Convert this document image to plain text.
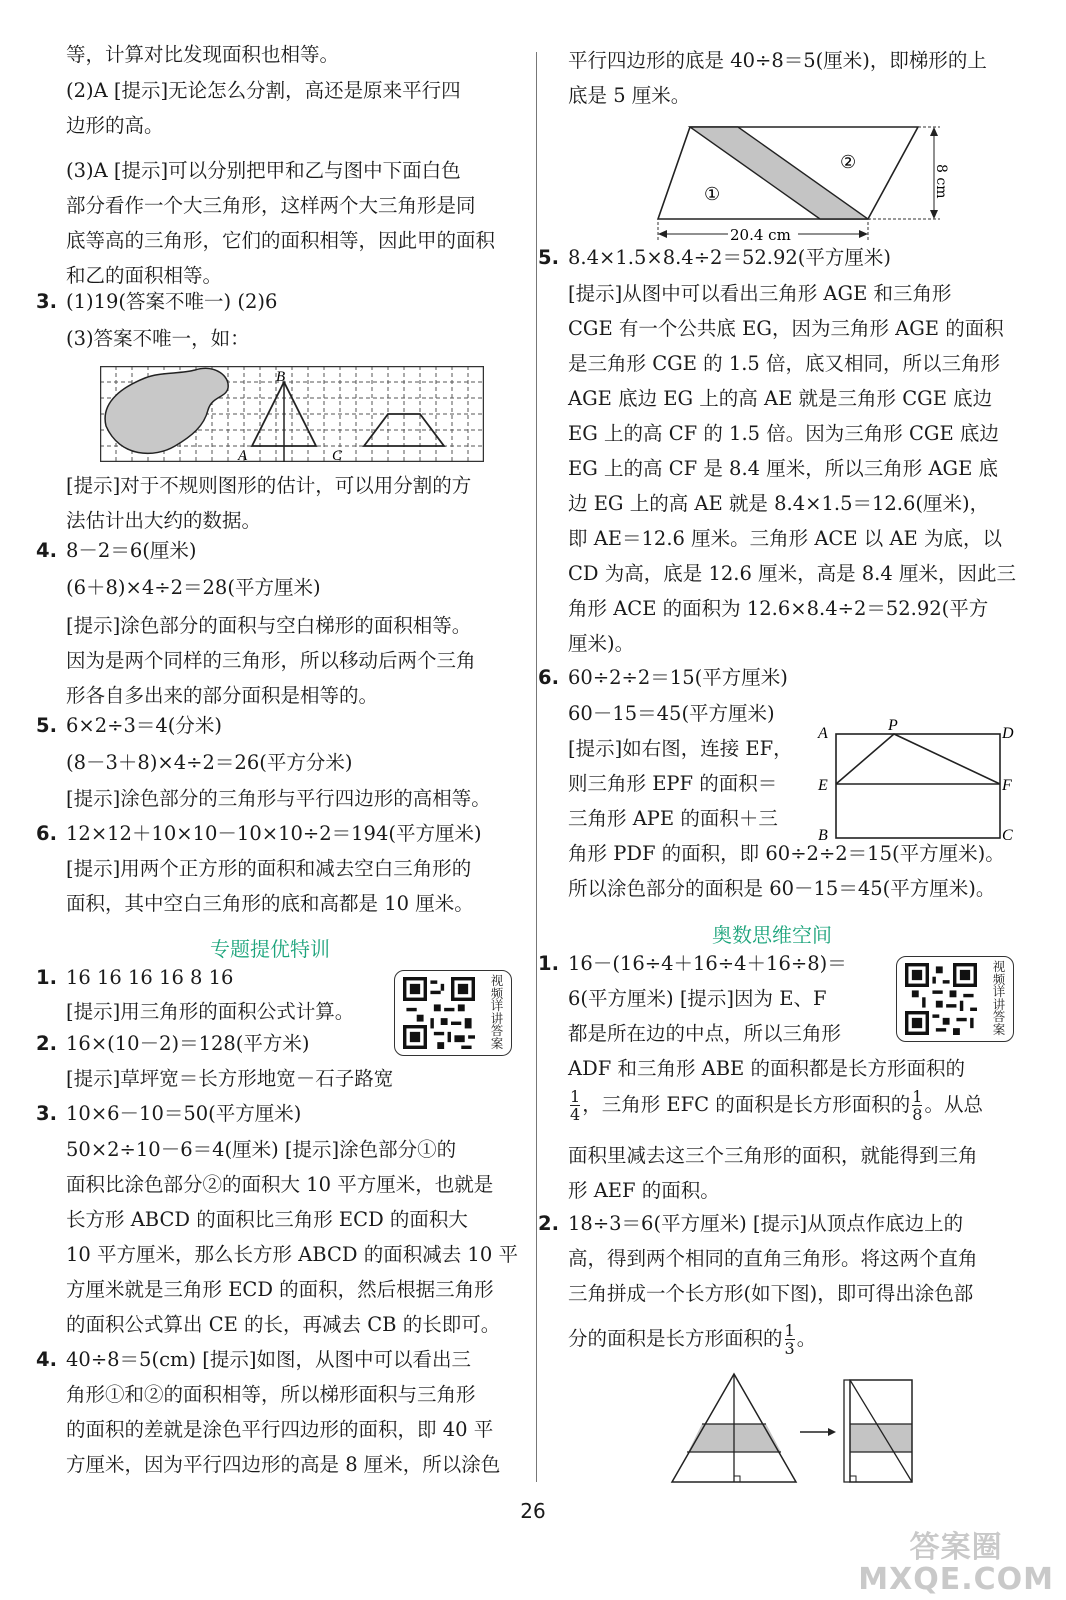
等，计算对比发现面积也相等。
(2)A [提示]无论怎么分割，高还是原来平行四
边形的高。
(3)A [提示]可以分别把甲和乙与图中下面白色
部分看作一个大三角形，这样两个大三角形是同
底等高的三角形，它们的面积相等，因此甲的面积
和乙的面积相等。
3. (1)19(答案不唯一) (2)6
(3)答案不唯一，如：
[提示]对于不规则图形的估计，可以用分割的方
法估计出大约的数据。
4. 8－2＝6(厘米)
(6＋8)×4÷2＝28(平方厘米)
[提示]涂色部分的面积与空白梯形的面积相等。
因为是两个同样的三角形，所以移动后两个三角
形各自多出来的部分面积是相等的。
5. 6×2÷3＝4(分米)
(8－3＋8)×4÷2＝26(平方分米)
[提示]涂色部分的三角形与平行四边形的高相等。
6. 12×12＋10×10－10×10÷2＝194(平方厘米)
[提示]用两个正方形的面积和减去空白三角形的
面积，其中空白三角形的底和高都是 10 厘米。
1. 16 16 16 16 8 16
[提示]用三角形的面积公式计算。
2. 16×(10－2)＝128(平方米)
[提示]草坪宽＝长方形地宽－石子路宽
3. 10×6－10＝50(平方厘米)
50×2÷10－6＝4(厘米) [提示]涂色部分①的
面积比涂色部分②的面积大 10 平方厘米，也就是
长方形 ABCD 的面积比三角形 ECD 的面积大
10 平方厘米，那么长方形 ABCD 的面积减去 10 平
方厘米就是三角形 ECD 的面积，然后根据三角形
的面积公式算出 CE 的长，再减去 CB 的长即可。
4. 40÷8＝5(cm) [提示]如图，从图中可以看出三
角形①和②的面积相等，所以梯形面积与三角形
的面积的差就是涂色平行四边形的面积，即 40 平
方厘米，因为平行四边形的高是 8 厘米，所以涂色
平行四边形的底是 40÷8＝5(厘米)，即梯形的上
底是 5 厘米。
5. 8.4×1.5×8.4÷2＝52.92(平方厘米)
[提示]从图中可以看出三角形 AGE 和三角形
CGE 有一个公共底 EG，因为三角形 AGE 的面积
是三角形 CGE 的 1.5 倍，底又相同，所以三角形
AGE 底边 EG 上的高 AE 就是三角形 CGE 底边
EG 上的高 CF 的 1.5 倍。因为三角形 CGE 底边
EG 上的高 CF 是 8.4 厘米，所以三角形 AGE 底
边 EG 上的高 AE 就是 8.4×1.5＝12.6(厘米)，
即 AE＝12.6 厘米。三角形 ACE 以 AE 为底，以
CD 为高，底是 12.6 厘米，高是 8.4 厘米，因此三
角形 ACE 的面积为 12.6×8.4÷2＝52.92(平方
厘米)。
6. 60÷2÷2＝15(平方厘米)
60－15＝45(平方厘米)
[提示]如右图，连接 EF，
则三角形 EPF 的面积＝
三角形 APE 的面积＋三
角形 PDF 的面积，即 60÷2÷2＝15(平方厘米)。
所以涂色部分的面积是 60－15＝45(平方厘米)。
1. 16－(16÷4＋16÷4＋16÷8)＝
6(平方厘米) [提示]因为 E、F
都是所在边的中点，所以三角形
ADF 和三角形 ABE 的面积都是长方形面积的
面积里减去这三个三角形的面积，就能得到三角
形 AEF 的面积。
2. 18÷3＝6(平方厘米) [提示]从顶点作底边上的
高，得到两个相同的直角三角形。将这两个直角
三角拼成一个长方形(如下图)，即可得出涂色部
$\frac{1}{4}$ ，三角形 EFC 的面积是长方形面积的 $\frac{1}{8}$ 。从总
分的面积是长方形面积的 $\frac{1}{3}$ 。
专题提优特训
奥数思维空间
B
A	C
①
②
8 cm
20.4 cm
A	P	D
E	F
B	C
视频详讲答案
视频详讲答案
26
答案圈
MXQE.COM
